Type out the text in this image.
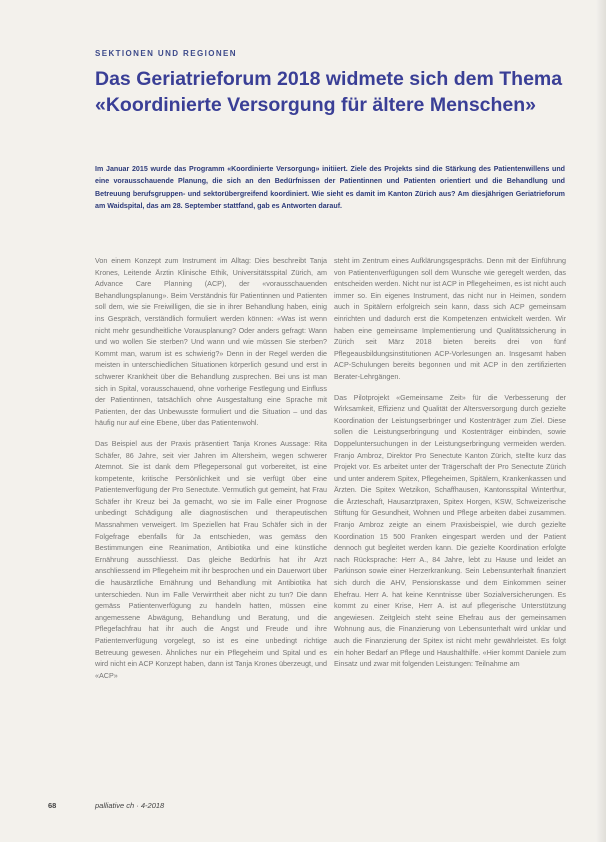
SEKTIONEN UND REGIONEN
Das Geriatrieforum 2018 widmete sich dem Thema «Koordinierte Versorgung für ältere Menschen»

Im Januar 2015 wurde das Programm «Koordinierte Versorgung» initiiert. Ziele des Projekts sind die Stärkung des Patientenwillens und eine vorausschauende Planung, die sich an den Bedürfnissen der Patientinnen und Patienten orientiert und die Behandlung und Betreuung berufsgruppen- und sektorübergreifend koordiniert. Wie sieht es damit im Kanton Zürich aus? Am diesjährigen Geriatrieforum am Waidspital, das am 28. September stattfand, gab es Antworten darauf.

Von einem Konzept zum Instrument im Alltag: Dies beschreibt Tanja Krones, Leitende Ärztin Klinische Ethik, Universitätsspital Zürich, am Advance Care Planning (ACP), der «vorausschauenden Behandlungsplanung». Beim Verständnis für Patientinnen und Patienten soll dem, wie sie Freiwilligen, die sie in ihrer Behandlung haben, einig ins Gespräch, verständlich formuliert werden können: «Was ist wenn nicht mehr gesundheitliche Vorausplanung? Oder anders gefragt: Wann und wo wollen Sie sterben? Und wann und wie müssen Sie sterben? Kommt man, warum ist es schwierig?» Denn in der Regel werden die meisten in unterschiedlichen Situationen körperlich gesund und erst in schwerer Krankheit über die Behandlung zusprechen. Bei uns ist man sich in Spital, vorausschauend, ohne vorherige Festlegung und Einfluss der Patientinnen, tatsächlich ohne Ausgestaltung eine Sprache mit Patienten, der das Unbewusste formuliert und die Situation – und das häufig nur auf eine Ebene, über das Patientenwohl.

Das Beispiel aus der Praxis präsentiert Tanja Krones Aussage: Rita Schäfer, 86 Jahre, seit vier Jahren im Altersheim, wegen schwerer Atemnot. Sie ist dank dem Pflegepersonal gut vorbereitet, ist eine kompetente, kritische Persönlichkeit und sie verfügt über eine Patientenverfügung der Pro Senectute. Vermutlich gut gemeint, hat Frau Schäfer ihr Kreuz bei Ja gemacht, wo sie im Falle einer Prognose unbedingt Schädigung alle diagnostischen und therapeutischen Massnahmen verweigert. Im Speziellen hat Frau Schäfer sich in der Folgefrage ebenfalls für Ja entschieden, was gemäss den Bestimmungen eine Reanimation, Antibiotika und eine künstliche Ernährung ausschliesst. Das gleiche Bedürfnis hat ihr Arzt anschliessend im Pflegeheim mit ihr besprochen und ein Dauerwort über die hausärztliche Ernährung und Behandlung mit Antibiotika hat unterschieden. Nun im Falle Verwirrtheit aber nicht zu tun? Die dann gemäss Patientenverfügung zu handeln hatten, müssen eine angemessene Abwägung, Behandlung und Beratung, und die Pflegefachfrau hat ihr auch die Angst und Freude und ihre Patientenverfügung vorgelegt, so ist es eine unbedingt richtige Betreuung gewesen. Ähnliches nur ein Pflegeheim und Spital und es wird nicht ein ACP Konzept haben, dann ist Tanja Krones überzeugt, und «ACP»

steht im Zentrum eines Aufklärungsgesprächs. Denn mit der Einführung von Patientenverfügungen soll dem Wunsche wie geregelt werden, das entscheiden werden. Nicht nur ist ACP in Pflegeheimen, es ist nicht auch immer so. Ein eigenes Instrument, das nicht nur in Heimen, sondern auch in Spitälern erfolgreich sein kann, dass sich ACP gemeinsam einrichten und dadurch erst die Kompetenzen entwickelt werden. Wir haben eine gemeinsame Implementierung und Qualitätssicherung in Zürich seit März 2018 bieten bereits drei von fünf Pflegeausbildungsinstitutionen ACP-Vorlesungen an. Insgesamt haben ACP-Schulungen bereits begonnen und mit ACP in den zertifizierten Berater-Lehrgängen.

Das Pilotprojekt «Gemeinsame Zeit» für die Verbesserung der Wirksamkeit, Effizienz und Qualität der Altersversorgung durch gezielte Koordination der Leistungserbringer und Kostenträger zum Ziel. Diese sollen die Leistungserbringung und Kostenträger einbinden, sowie Doppeluntersuchungen in der Leistungserbringung vermeiden werden. Franjo Ambroz, Direktor Pro Senectute Kanton Zürich, stellte kurz das Projekt vor. Es arbeitet unter der Trägerschaft der Pro Senectute Zürich und unter anderem Spitex, Pflegeheimen, Spitälern, Krankenkassen und Ärzten. Die Spitex Wetzikon, Schaffhausen, Kantonsspital Winterthur, die Ärzteschaft, Hausarztpraxen, Spitex Horgen, KSW, Schweizerische Stiftung für Gesundheit, Wohnen und Pflege arbeiten dabei zusammen. Franjo Ambroz zeigte an einem Praxisbeispiel, wie durch gezielte Koordination 15 500 Franken eingespart werden und der Patient dennoch gut begleitet werden kann. Die gezielte Koordination erfolgte nach Rücksprache: Herr A., 84 Jahre, lebt zu Hause und leidet an Parkinson sowie einer Herzerkrankung. Sein Lebensunterhalt finanziert sich durch die AHV, Pensionskasse und dem Einkommen seiner Ehefrau. Herr A. hat keine Kenntnisse über Sozialversicherungen. Es kommt zu einer Krise, Herr A. ist auf pflegerische Unterstützung angewiesen. Zeitgleich steht seine Ehefrau aus der gemeinsamen Wohnung aus, die Finanzierung von Lebensunterhalt wird unklar und auch die Finanzierung der Spitex ist nicht mehr gewährleistet. Es folgt ein hoher Bedarf an Pflege und Haushalthilfe. «Hier kommt Daniele zum Einsatz und zwar mit folgenden Leistungen: Teilnahme am

68	palliative ch · 4-2018
